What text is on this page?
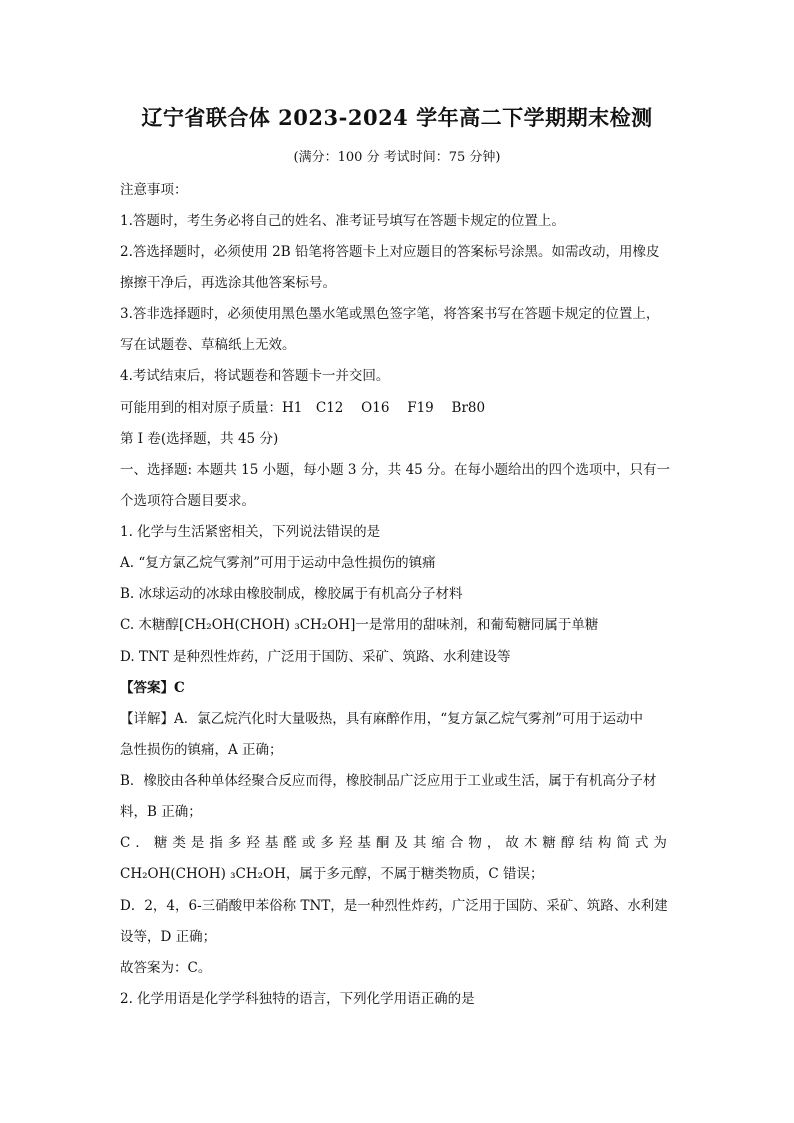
辽宁省联合体 2023-2024 学年高二下学期期末检测
(满分：100 分 考试时间：75 分钟)
注意事项：
1.答题时，考生务必将自己的姓名、准考证号填写在答题卡规定的位置上。
2.答选择题时，必须使用 2B 铅笔将答题卡上对应题目的答案标号涂黑。如需改动，用橡皮
擦擦干净后，再选涂其他答案标号。
3.答非选择题时，必须使用黑色墨水笔或黑色签字笔，将答案书写在答题卡规定的位置上，
写在试题卷、草稿纸上无效。
4.考试结束后，将试题卷和答题卡一并交回。
可能用到的相对原子质量：H1　C12　 O16　 F19　 Br80
第 I 卷(选择题，共 45 分)
一、选择题: 本题共 15 小题，每小题 3 分，共 45 分。在每小题给出的四个选项中，只有一
个选项符合题目要求。
1. 化学与生活紧密相关，下列说法错误的是
A. “复方氯乙烷气雾剂”可用于运动中急性损伤的镇痛
B. 冰球运动的冰球由橡胶制成，橡胶属于有机高分子材料
C. 木糖醇[CH₂OH(CHOH) ₃CH₂OH]一是常用的甜味剂，和葡萄糖同属于单糖
D. TNT 是种烈性炸药，广泛用于国防、采矿、筑路、水利建设等
【答案】C
【详解】A．氯乙烷汽化时大量吸热，具有麻醉作用，“复方氯乙烷气雾剂”可用于运动中
急性损伤的镇痛，A 正确；
B．橡胶由各种单体经聚合反应而得，橡胶制品广泛应用于工业或生活，属于有机高分子材
料，B 正确；
C．糖类是指多羟基醛或多羟基酮及其缩合物，故木糖醇结构简式为
CH₂OH(CHOH) ₃CH₂OH，属于多元醇，不属于糖类物质，C 错误；
D．2，4，6-三硝酸甲苯俗称 TNT，是一种烈性炸药，广泛用于国防、采矿、筑路、水利建
设等，D 正确；
故答案为：C。
2. 化学用语是化学学科独特的语言，下列化学用语正确的是
